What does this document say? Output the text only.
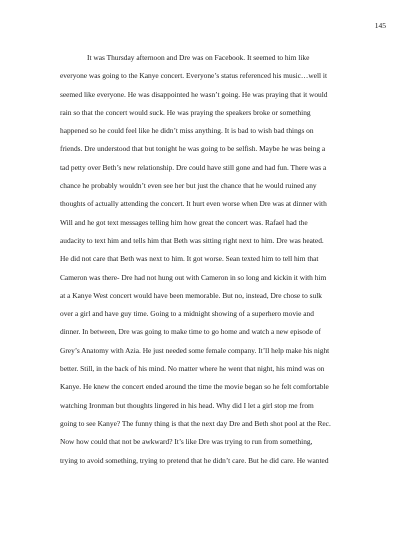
145
It was Thursday afternoon and Dre was on Facebook. It seemed to him like
everyone was going to the Kanye concert. Everyone’s status referenced his music…well it
seemed like everyone. He was disappointed he wasn’t going. He was praying that it would
rain so that the concert would suck. He was praying the speakers broke or something
happened so he could feel like he didn’t miss anything. It is bad to wish bad things on
friends. Dre understood that but tonight he was going to be selfish. Maybe he was being a
tad petty over Beth’s new relationship. Dre could have still gone and had fun. There was a
chance he probably wouldn’t even see her but just the chance that he would ruined any
thoughts of actually attending the concert. It hurt even worse when Dre was at dinner with
Will and he got text messages telling him how great the concert was. Rafael had the
audacity to text him and tells him that Beth was sitting right next to him. Dre was heated.
He did not care that Beth was next to him. It got worse. Sean texted him to tell him that
Cameron was there- Dre had not hung out with Cameron in so long and kickin it with him
at a Kanye West concert would have been memorable. But no, instead, Dre chose to sulk
over a girl and have guy time. Going to a midnight showing of a superhero movie and
dinner. In between, Dre was going to make time to go home and watch a new episode of
Grey’s Anatomy with Azia. He just needed some female company. It’ll help make his night
better. Still, in the back of his mind. No matter where he went that night, his mind was on
Kanye. He knew the concert ended around the time the movie began so he felt comfortable
watching Ironman but thoughts lingered in his head. Why did I let a girl stop me from
going to see Kanye? The funny thing is that the next day Dre and Beth shot pool at the Rec.
Now how could that not be awkward? It’s like Dre was trying to run from something,
trying to avoid something, trying to pretend that he didn’t care. But he did care. He wanted
